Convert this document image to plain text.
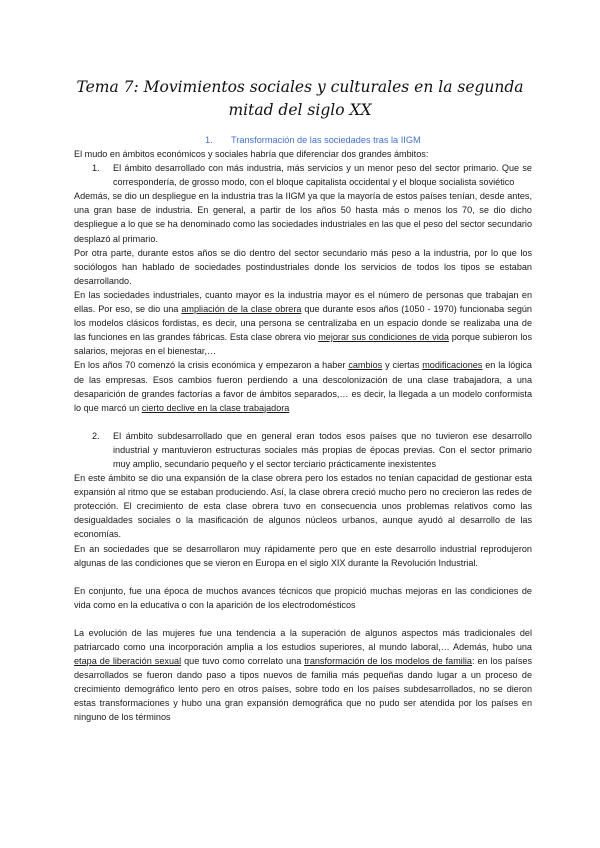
Tema 7: Movimientos sociales y culturales en la segunda mitad del siglo XX
1. Transformación de las sociedades tras la IIGM

El mudo en ámbitos económicos y sociales habría que diferenciar dos grandes ámbitos:

1.	El ámbito desarrollado con más industria, más servicios y un menor peso del sector primario. Que se correspondería, de grosso modo, con el bloque capitalista occidental y el bloque socialista soviético

Además, se dio un despliegue en la industria tras la IIGM ya que la mayoría de estos países tenían, desde antes, una gran base de industria. En general, a partir de los años 50 hasta más o menos los 70, se dio dicho despliegue a lo que se ha denominado como las sociedades industriales en las que el peso del sector secundario desplazó al primario.

Por otra parte, durante estos años se dio dentro del sector secundario más peso a la industria, por lo que los sociólogos han hablado de sociedades postindustriales donde los servicios de todos los tipos se estaban desarrollando.

En las sociedades industriales, cuanto mayor es la industria mayor es el número de personas que trabajan en ellas. Por eso, se dio una ampliación de la clase obrera que durante esos años (1050 - 1970) funcionaba según los modelos clásicos fordistas, es decir, una persona se centralizaba en un espacio donde se realizaba una de las funciones en las grandes fábricas. Esta clase obrera vio mejorar sus condiciones de vida porque subieron los salarios, mejoras en el bienestar,…

En los años 70 comenzó la crisis económica y empezaron a haber cambios y ciertas modificaciones en la lógica de las empresas. Esos cambios fueron perdiendo a una descolonización de una clase trabajadora, a una desaparición de grandes factorías a favor de ámbitos separados,… es decir, la llegada a un modelo conformista lo que marcó un cierto declive en la clase trabajadora

2.	El ámbito subdesarrollado que en general eran todos esos países que no tuvieron ese desarrollo industrial y mantuvieron estructuras sociales más propias de épocas previas. Con el sector primario muy amplio, secundario pequeño y el sector terciario prácticamente inexistentes

En este ámbito se dio una expansión de la clase obrera pero los estados no tenían capacidad de gestionar esta expansión al ritmo que se estaban produciendo. Así, la clase obrera creció mucho pero no crecieron las redes de protección. El crecimiento de esta clase obrera tuvo en consecuencia unos problemas relativos como las desigualdades sociales o la masificación de algunos núcleos urbanos, aunque ayudó al desarrollo de las economías.

En an sociedades que se desarrollaron muy rápidamente pero que en este desarrollo industrial reprodujeron algunas de las condiciones que se vieron en Europa en el siglo XIX durante la Revolución Industrial.

En conjunto, fue una época de muchos avances técnicos que propició muchas mejoras en las condiciones de vida como en la educativa o con la aparición de los electrodomésticos

La evolución de las mujeres fue una tendencia a la superación de algunos aspectos más tradicionales del patriarcado como una incorporación amplia a los estudios superiores, al mundo laboral,… Además, hubo una etapa de liberación sexual que tuvo como correlato una transformación de los modelos de familia: en los países desarrollados se fueron dando paso a tipos nuevos de familia más pequeñas dando lugar a un proceso de crecimiento demográfico lento pero en otros países, sobre todo en los países subdesarrollados, no se dieron estas transformaciones y hubo una gran expansión demográfica que no pudo ser atendida por los países en ninguno de los términos
